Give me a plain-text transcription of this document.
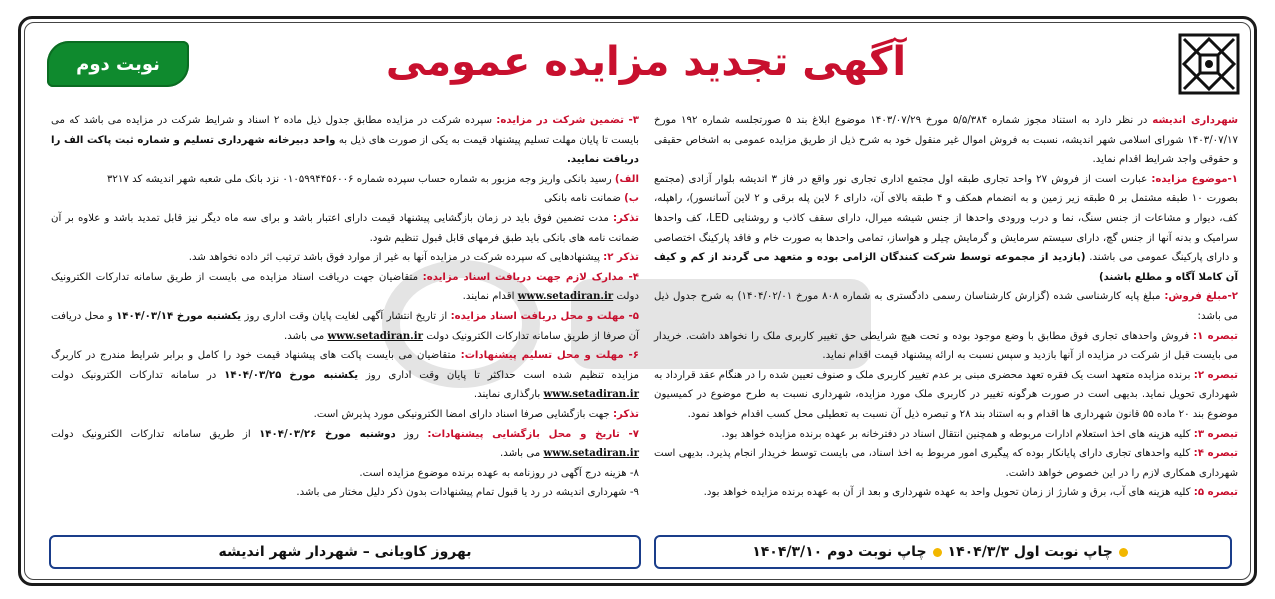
آگهی تجدید مزایده عمومی
نوبت دوم

شهرداری اندیشه در نظر دارد به استناد مجوز شماره ۵/۵/۳۸۴ مورخ ۱۴۰۳/۰۷/۲۹ موضوع ابلاغ بند ۵ صورتجلسه شماره ۱۹۲ مورخ ۱۴۰۳/۰۷/۱۷ شورای اسلامی شهر اندیشه، نسبت به فروش اموال غیر منقول خود به شرح ذیل از طریق مزایده عمومی به اشخاص حقیقی و حقوقی واجد شرایط اقدام نماید.

۱-موضوع مزایده: عبارت است از فروش ۲۷ واحد تجاری طبقه اول مجتمع اداری تجاری نور واقع در فاز ۳ اندیشه بلوار آزادی (مجتمع بصورت ۱۰ طبقه مشتمل بر ۵ طبقه زیر زمین و به انضمام همکف و ۴ طبقه بالای آن، دارای ۶ لاین پله برقی و ۲ لاین آسانسور)، راهپله، کف، دیوار و مشاعات از جنس سنگ، نما و درب ورودی واحدها از جنس شیشه میرال، دارای سقف کاذب و روشنایی LED، کف واحدها سراميک و بدنه آنها از جنس گچ، دارای سیستم سرمایش و گرمایش چیلر و هواساز، تمامی واحدها به صورت خام و فاقد پارکینگ اختصاصی و دارای پارکینگ عمومی می باشند. (بازدید از مجموعه توسط شرکت کنندگان الزامی بوده و متعهد می گردند از کم و کیف آن کاملا آگاه و مطلع باشند)

۲-مبلغ فروش: مبلغ پایه کارشناسی شده (گزارش کارشناسان رسمی دادگستری به شماره ۸۰۸ مورخ ۱۴۰۴/۰۲/۰۱) به شرح جدول ذیل می باشد:

تبصره ۱: فروش واحدهای تجاری فوق مطابق با وضع موجود بوده و تحت هیچ شرایطی حق تغییر کاربری ملک را نخواهد داشت. خریدار می بایست قبل از شرکت در مزایده از آنها بازدید و سپس نسبت به ارائه پیشنهاد قیمت اقدام نماید.

تبصره ۲: برنده مزایده متعهد است یک فقره تعهد محضری مبنی بر عدم تغییر کاربری ملک و صنوف تعیین شده را در هنگام عقد قرارداد به شهرداری تحویل نماید. بدیهی است در صورت هرگونه تغییر در کاربری ملک مورد مزایده، شهرداری نسبت به طرح موضوع در کمیسیون موضوع بند ۲۰ ماده ۵۵ قانون شهرداری ها اقدام و به استناد بند ۲۸ و تبصره ذیل آن نسبت به تعطیلی محل کسب اقدام خواهد نمود.

تبصره ۳: کلیه هزینه های اخذ استعلام ادارات مربوطه و همچنین انتقال اسناد در دفترخانه بر عهده برنده مزایده خواهد بود.

تبصره ۴: کلیه واحدهای تجاری دارای پایانکار بوده که پیگیری امور مربوط به اخذ اسناد، می بایست توسط خریدار انجام پذیرد. بدیهی است شهرداری همکاری لازم را در این خصوص خواهد داشت.

تبصره ۵: کلیه هزینه های آب، برق و شارژ از زمان تحویل واحد به عهده شهرداری و بعد از آن به عهده برنده مزایده خواهد بود.

۳- تضمین شرکت در مزایده: سپرده شرکت در مزایده مطابق جدول ذیل ماده ۲ اسناد و شرایط شرکت در مزایده می باشد که می بایست تا پایان مهلت تسلیم پیشنهاد قیمت به یکی از صورت های ذیل به واحد دبیرخانه شهرداری تسلیم و شماره ثبت پاکت الف را دریافت نمایید.

الف) رسید بانکی واریز وجه مزبور به شماره حساب سپرده شماره ۰۱۰۵۹۹۴۴۵۶۰۰۶ نزد بانک ملی شعبه شهر اندیشه کد ۳۲۱۷

ب) ضمانت نامه بانکی

تذکر: مدت تضمین فوق باید در زمان بازگشایی پیشنهاد قیمت دارای اعتبار باشد و برای سه ماه دیگر نیز قابل تمدید باشد و علاوه بر آن ضمانت نامه های بانکی باید طبق فرمهای قابل قبول تنظیم شود.

تذکر ۲: پیشنهادهایی که سپرده شرکت در مزایده آنها به غیر از موارد فوق باشد ترتیب اثر داده نخواهد شد.

۴- مدارک لازم جهت دریافت اسناد مزایده: متقاضیان جهت دریافت اسناد مزایده می بایست از طریق سامانه تدارکات الکترونیک دولت www.setadiran.ir اقدام نمایند.

۵- مهلت و محل دریافت اسناد مزایده: از تاریخ انتشار آگهی لغایت پایان وقت اداری روز یکشنبه مورخ ۱۴۰۴/۰۳/۱۴ و محل دریافت آن صرفا از طریق سامانه تدارکات الکترونیک دولت www.setadiran.ir می باشد.

۶- مهلت و محل تسلیم پیشنهادات: متقاضیان می بایست پاکت های پیشنهاد قیمت خود را کامل و برابر شرایط مندرج در کاربرگ مزایده تنظیم شده است حداکثر تا پایان وقت اداری روز یکشنبه مورخ ۱۴۰۴/۰۳/۲۵ در سامانه تدارکات الکترونیک دولت www.setadiran.ir بارگذاری نمایند.

تذکر: جهت بازگشایی صرفا اسناد دارای امضا الکترونیکی مورد پذیرش است.

۷- تاریخ و محل بازگشایی پیشنهادات: روز دوشنبه مورخ ۱۴۰۴/۰۳/۲۶ از طریق سامانه تدارکات الکترونیک دولت www.setadiran.ir می باشد.

۸- هزینه درج آگهی در روزنامه به عهده برنده موضوع مزایده است.

۹- شهرداری اندیشه در رد یا قبول تمام پیشنهادات بدون ذکر دلیل مختار می باشد.

چاپ نوبت اول ۱۴۰۴/۳/۳
چاپ نوبت دوم ۱۴۰۴/۳/۱۰
بهروز کاویانی – شهردار شهر اندیشه
